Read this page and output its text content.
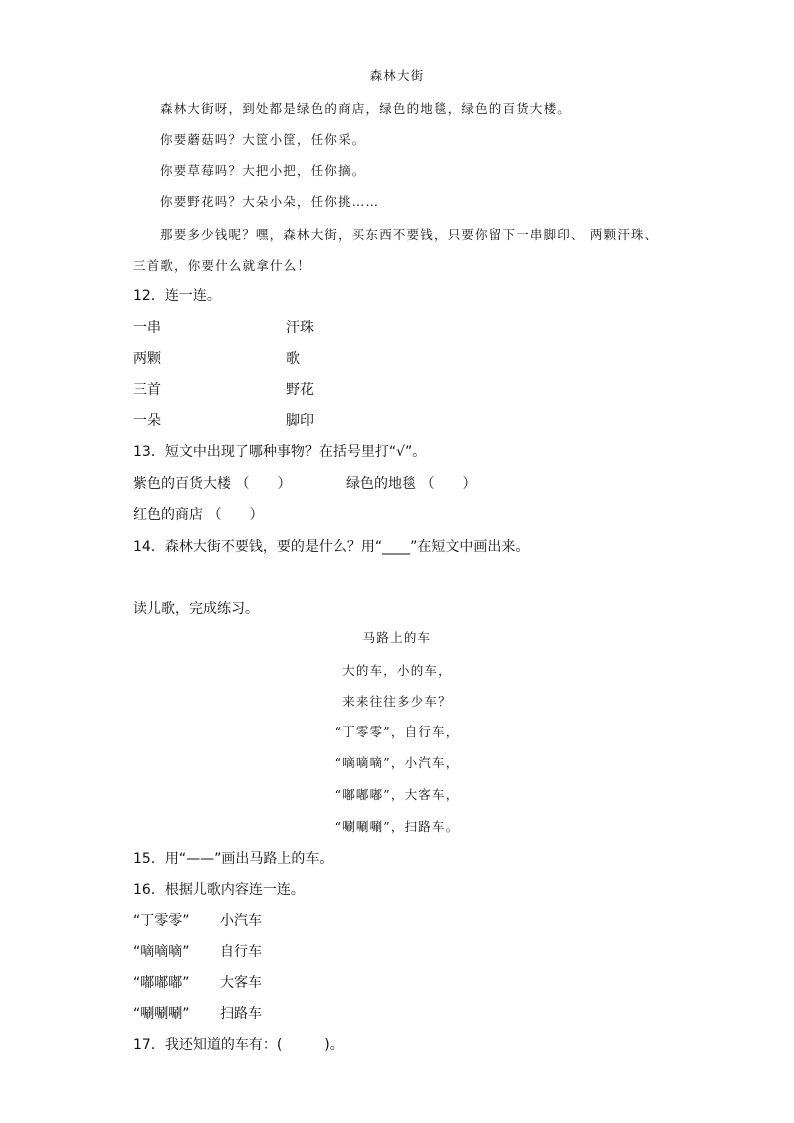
森林大街
森林大街呀，到处都是绿色的商店，绿色的地毯，绿色的百货大楼。
你要蘑菇吗？大筐小筐，任你采。
你要草莓吗？大把小把，任你摘。
你要野花吗？大朵小朵，任你挑……
那要多少钱呢？嘿，森林大街，买东西不要钱，只要你留下一串脚印、 两颗汗珠、
三首歌，你要什么就拿什么！
12．连一连。
一串
两颗
三首
一朵
汗珠
歌
野花
脚印
13．短文中出现了哪种事物？在括号里打“√”。
紫色的百货大楼 （　　）	绿色的地毯 （　　）
红色的商店 （　　）
14．森林大街不要钱，要的是什么？用“____”在短文中画出来。
读儿歌，完成练习。
马路上的车
大的车，小的车，
来来往往多少车？
“丁零零”，自行车，
“嘀嘀嘀”，小汽车，
“嘟嘟嘟”，大客车，
“唰唰唰”，扫路车。
15．用“——”画出马路上的车。
16．根据儿歌内容连一连。
“丁零零”
“嘀嘀嘀”
“嘟嘟嘟”
“唰唰唰”
小汽车
自行车
大客车
扫路车
17．我还知道的车有：(　　　)。
